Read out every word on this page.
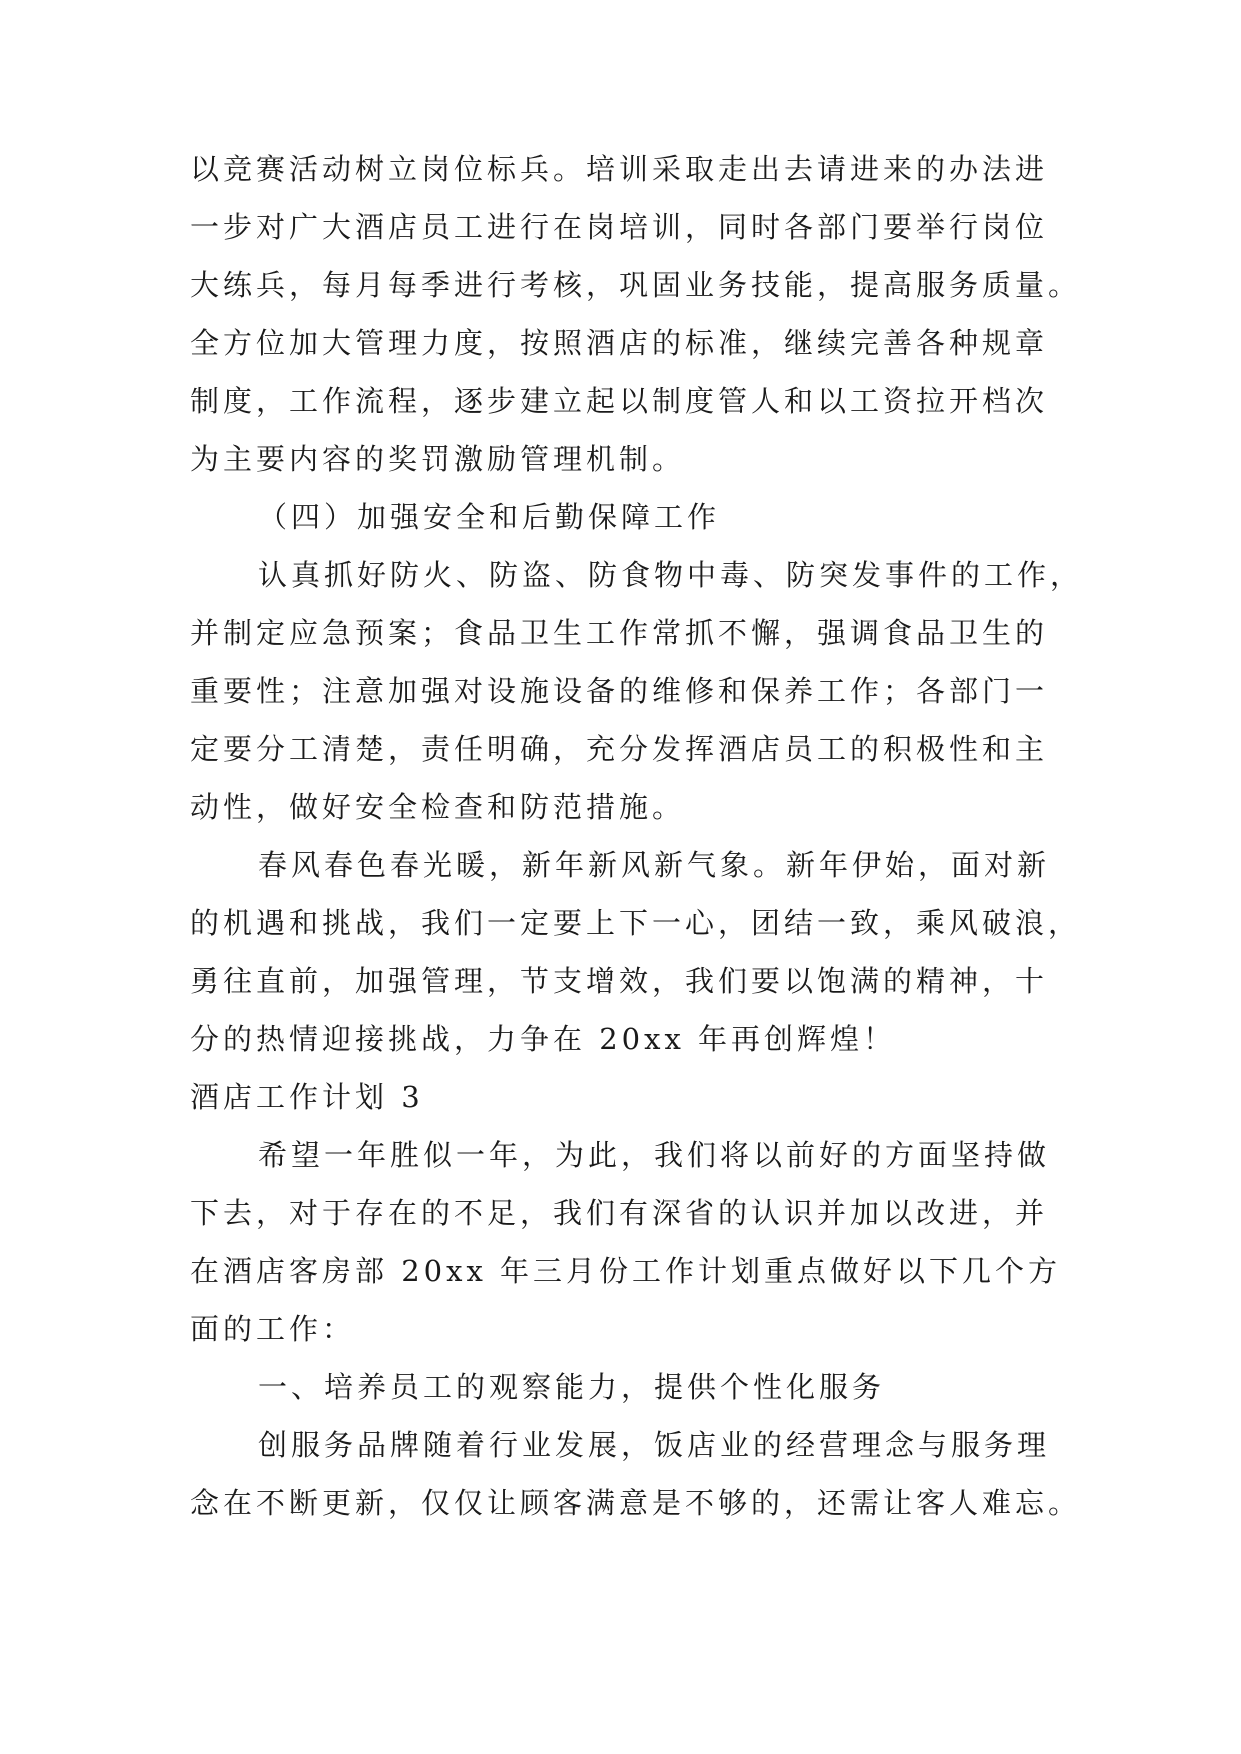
以竞赛活动树立岗位标兵。培训采取走出去请进来的办法进
一步对广大酒店员工进行在岗培训，同时各部门要举行岗位
大练兵，每月每季进行考核，巩固业务技能，提高服务质量。
全方位加大管理力度，按照酒店的标准，继续完善各种规章
制度，工作流程，逐步建立起以制度管人和以工资拉开档次
为主要内容的奖罚激励管理机制。
（四）加强安全和后勤保障工作
认真抓好防火、防盗、防食物中毒、防突发事件的工作，
并制定应急预案；食品卫生工作常抓不懈，强调食品卫生的
重要性；注意加强对设施设备的维修和保养工作；各部门一
定要分工清楚，责任明确，充分发挥酒店员工的积极性和主
动性，做好安全检查和防范措施。
春风春色春光暖，新年新风新气象。新年伊始，面对新
的机遇和挑战，我们一定要上下一心，团结一致，乘风破浪，
勇往直前，加强管理，节支增效，我们要以饱满的精神，十
分的热情迎接挑战，力争在 20xx 年再创辉煌！
酒店工作计划 3
希望一年胜似一年，为此，我们将以前好的方面坚持做
下去，对于存在的不足，我们有深省的认识并加以改进，并
在酒店客房部 20xx 年三月份工作计划重点做好以下几个方
面的工作：
一、培养员工的观察能力，提供个性化服务
创服务品牌随着行业发展，饭店业的经营理念与服务理
念在不断更新，仅仅让顾客满意是不够的，还需让客人难忘。
